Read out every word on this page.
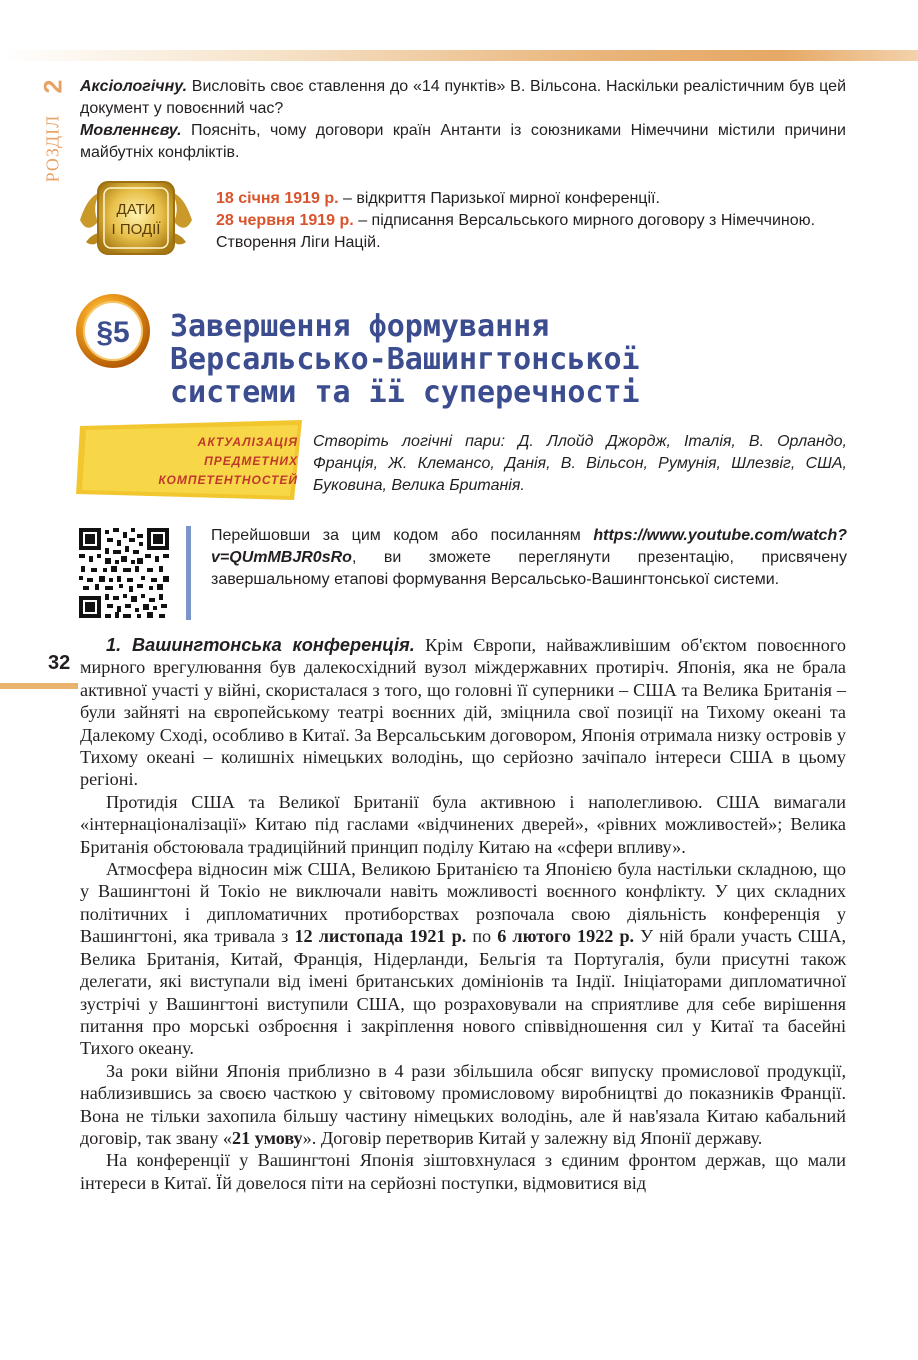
2
РОЗДІЛ

Аксіологічну. Висловіть своє ставлення до «14 пунктів» В. Вільсона. Наскільки реалістичним був цей документ у повоєнний час?

Мовленнєву. Поясніть, чому договори країн Антанти із союзниками Німеччини містили причини майбутніх конфліктів.

ДАТИ
І ПОДІЇ

18 січня 1919 р. – відкриття Паризької мирної конференції.

28 червня 1919 р. – підписання Версальського мирного договору з Німеччиною. Створення Ліги Націй.

§5 Завершення формування
Версальсько-Вашингтонської
системи та її суперечності
АКТУАЛІЗАЦІЯ
ПРЕДМЕТНИХ
КОМПЕТЕНТНОСТЕЙ
Створіть логічні пари: Д. Ллойд Джордж, Італія, В. Орландо, Франція, Ж. Клемансо, Данія, В. Вільсон, Румунія, Шлезвіг, США, Буковина, Велика Британія.
Перейшовши за цим кодом або посиланням https://www.youtube.com/watch?v=QUmMBJR0sRo, ви зможете переглянути презентацію, присвячену завершальному етапові формування Версальсько-Вашингтонської системи.
32

1. Вашингтонська конференція. Крім Європи, найважливішим об'єктом повоєнного мирного врегулювання був далекосхідний вузол міждержавних протиріч. Японія, яка не брала активної участі у війні, скористалася з того, що головні її суперники – США та Велика Британія – були зайняті на європейському театрі воєнних дій, зміцнила свої позиції на Тихому океані та Далекому Сході, особливо в Китаї. За Версальським договором, Японія отримала низку островів у Тихому океані – колишніх німецьких володінь, що серйозно зачіпало інтереси США в цьому регіоні.

Протидія США та Великої Британії була активною і наполегливою. США вимагали «інтернаціоналізації» Китаю під гаслами «відчинених дверей», «рівних можливостей»; Велика Британія обстоювала традиційний принцип поділу Китаю на «сфери впливу».

Атмосфера відносин між США, Великою Британією та Японією була настільки складною, що у Вашингтоні й Токіо не виключали навіть можливості воєнного конфлікту. У цих складних політичних і дипломатичних протиборствах розпочала свою діяльність конференція у Вашингтоні, яка тривала з 12 листопада 1921 р. по 6 лютого 1922 р. У ній брали участь США, Велика Британія, Китай, Франція, Нідерланди, Бельгія та Португалія, були присутні також делегати, які виступали від імені британських домініонів та Індії. Ініціаторами дипломатичної зустрічі у Вашингтоні виступили США, що розраховували на сприятливе для себе вирішення питання про морські озброєння і закріплення нового співвідношення сил у Китаї та басейні Тихого океану.

За роки війни Японія приблизно в 4 рази збільшила обсяг випуску промислової продукції, наблизившись за своєю часткою у світовому промисловому виробництві до показників Франції. Вона не тільки захопила більшу частину німецьких володінь, але й нав'язала Китаю кабальний договір, так звану «21 умову». Договір перетворив Китай у залежну від Японії державу.

На конференції у Вашингтоні Японія зіштовхнулася з єдиним фронтом держав, що мали інтереси в Китаї. Їй довелося піти на серйозні поступки, відмовитися від
